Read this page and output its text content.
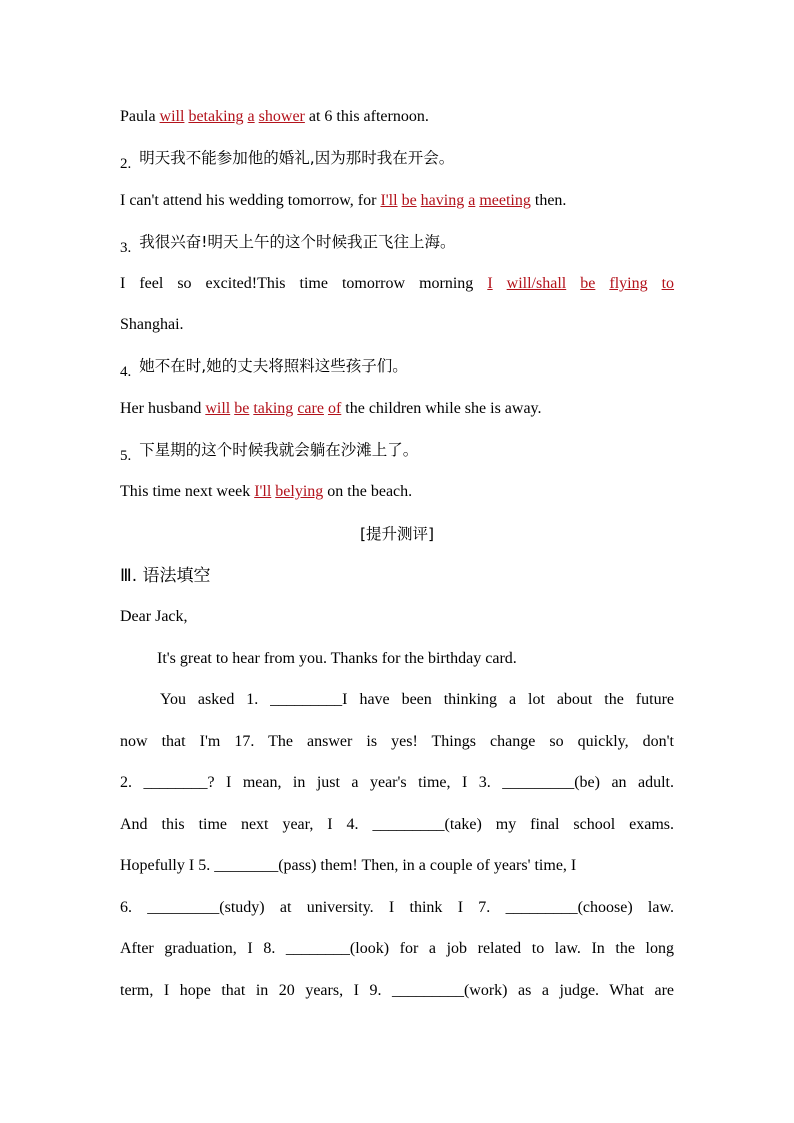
Paula will betaking a shower at 6 this afternoon.
2. 明天我不能参加他的婚礼,因为那时我在开会。
I can't attend his wedding tomorrow, for I'll be having a meeting then.
3. 我很兴奋!明天上午的这个时候我正飞往上海。
I feel so excited!This time tomorrow morning I will/shall be flying to
Shanghai.
4. 她不在时,她的丈夫将照料这些孩子们。
Her husband will be taking care of the children while she is away.
5. 下星期的这个时候我就会躺在沙滩上了。
This time next week I'll belying on the beach.
[提升测评]
Ⅲ. 语法填空
Dear Jack,
It's great to hear from you. Thanks for the birthday card.
You asked 1. _________I have been thinking a lot about the future
now that I'm 17. The answer is yes! Things change so quickly, don't
2. ________? I mean, in just a year's time, I 3. _________(be) an adult.
And this time next year, I 4. _________(take) my final school exams.
Hopefully I 5. ________(pass) them! Then, in a couple of years' time, I
6. _________(study) at university. I think I 7. _________(choose) law.
After graduation, I 8. ________(look) for a job related to law. In the long
term, I hope that in 20 years, I 9. _________(work) as a judge. What are
